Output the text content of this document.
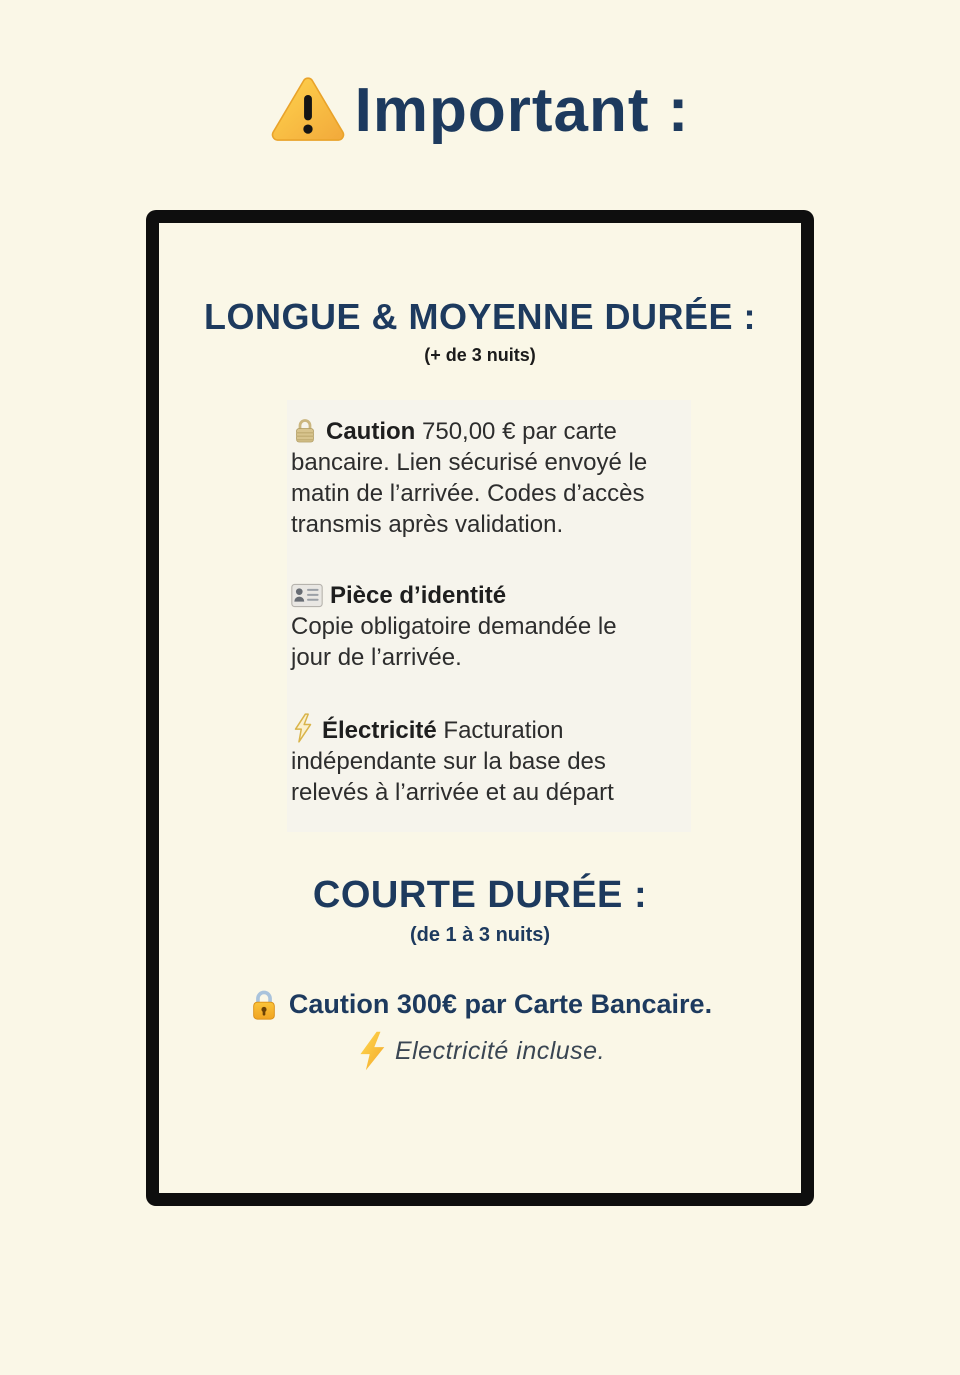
Important :
LONGUE & MOYENNE DURÉE :
(+ de 3 nuits)

Caution 750,00 € par carte bancaire. Lien sécurisé envoyé le matin de l’arrivée. Codes d’accès transmis après validation.

Pièce d’identité
Copie obligatoire demandée le jour de l’arrivée.

Électricité Facturation indépendante sur la base des relevés à l’arrivée et au départ

COURTE DURÉE :
(de 1 à 3 nuits)
Caution 300€ par Carte Bancaire.
Electricité incluse.
